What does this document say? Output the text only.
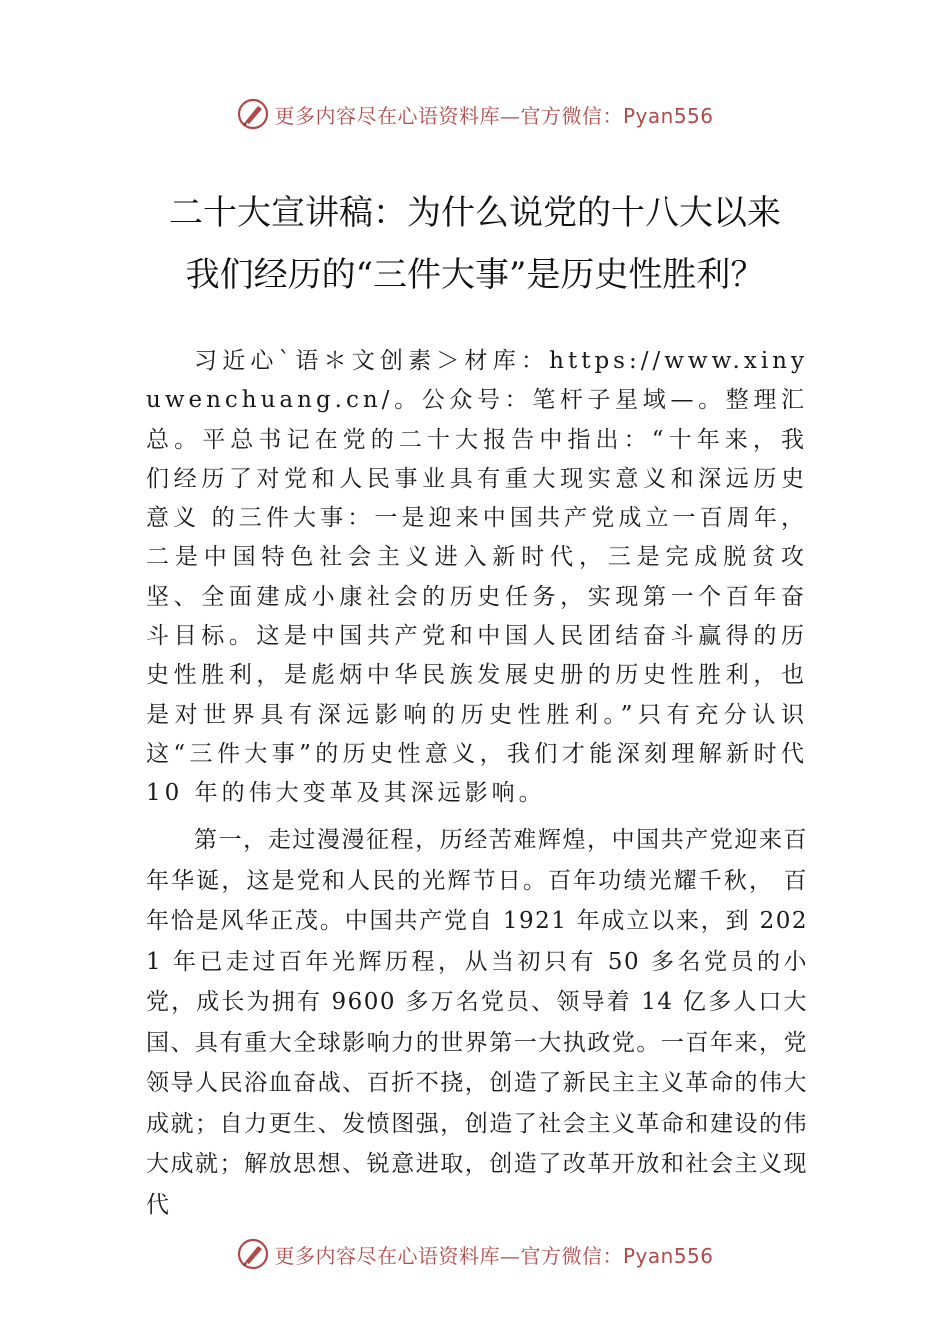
更多内容尽在心语资料库—官方微信：Pyan556
二十大宣讲稿：为什么说党的十八大以来
我们经历的“三件大事”是历史性胜利？

习近心`语＊文创素＞材库：https://www.xinyuwenchuang.cn/。公众号：笔杆子星域—。整理汇总。平总书记在党的二十大报告中指出：“十年来，我们经历了对党和人民事业具有重大现实意义和深远历史意义 的三件大事：一是迎来中国共产党成立一百周年，二是中国特色社会主义进入新时代，三是完成脱贫攻坚、全面建成小康社会的历史任务，实现第一个百年奋斗目标。这是中国共产党和中国人民团结奋斗赢得的历史性胜利，是彪炳中华民族发展史册的历史性胜利，也是对世界具有深远影响的历史性胜利。”只有充分认识这“三件大事”的历史性意义，我们才能深刻理解新时代 10 年的伟大变革及其深远影响。

第一，走过漫漫征程，历经苦难辉煌，中国共产党迎来百年华诞，这是党和人民的光辉节日。百年功绩光耀千秋， 百年恰是风华正茂。中国共产党自 1921 年成立以来，到 2021 年已走过百年光辉历程，从当初只有 50 多名党员的小党，成长为拥有 9600 多万名党员、领导着 14 亿多人口大国、具有重大全球影响力的世界第一大执政党。一百年来，党领导人民浴血奋战、百折不挠，创造了新民主主义革命的伟大成就；自力更生、发愤图强，创造了社会主义革命和建设的伟大成就；解放思想、锐意进取，创造了改革开放和社会主义现代

更多内容尽在心语资料库—官方微信：Pyan556
